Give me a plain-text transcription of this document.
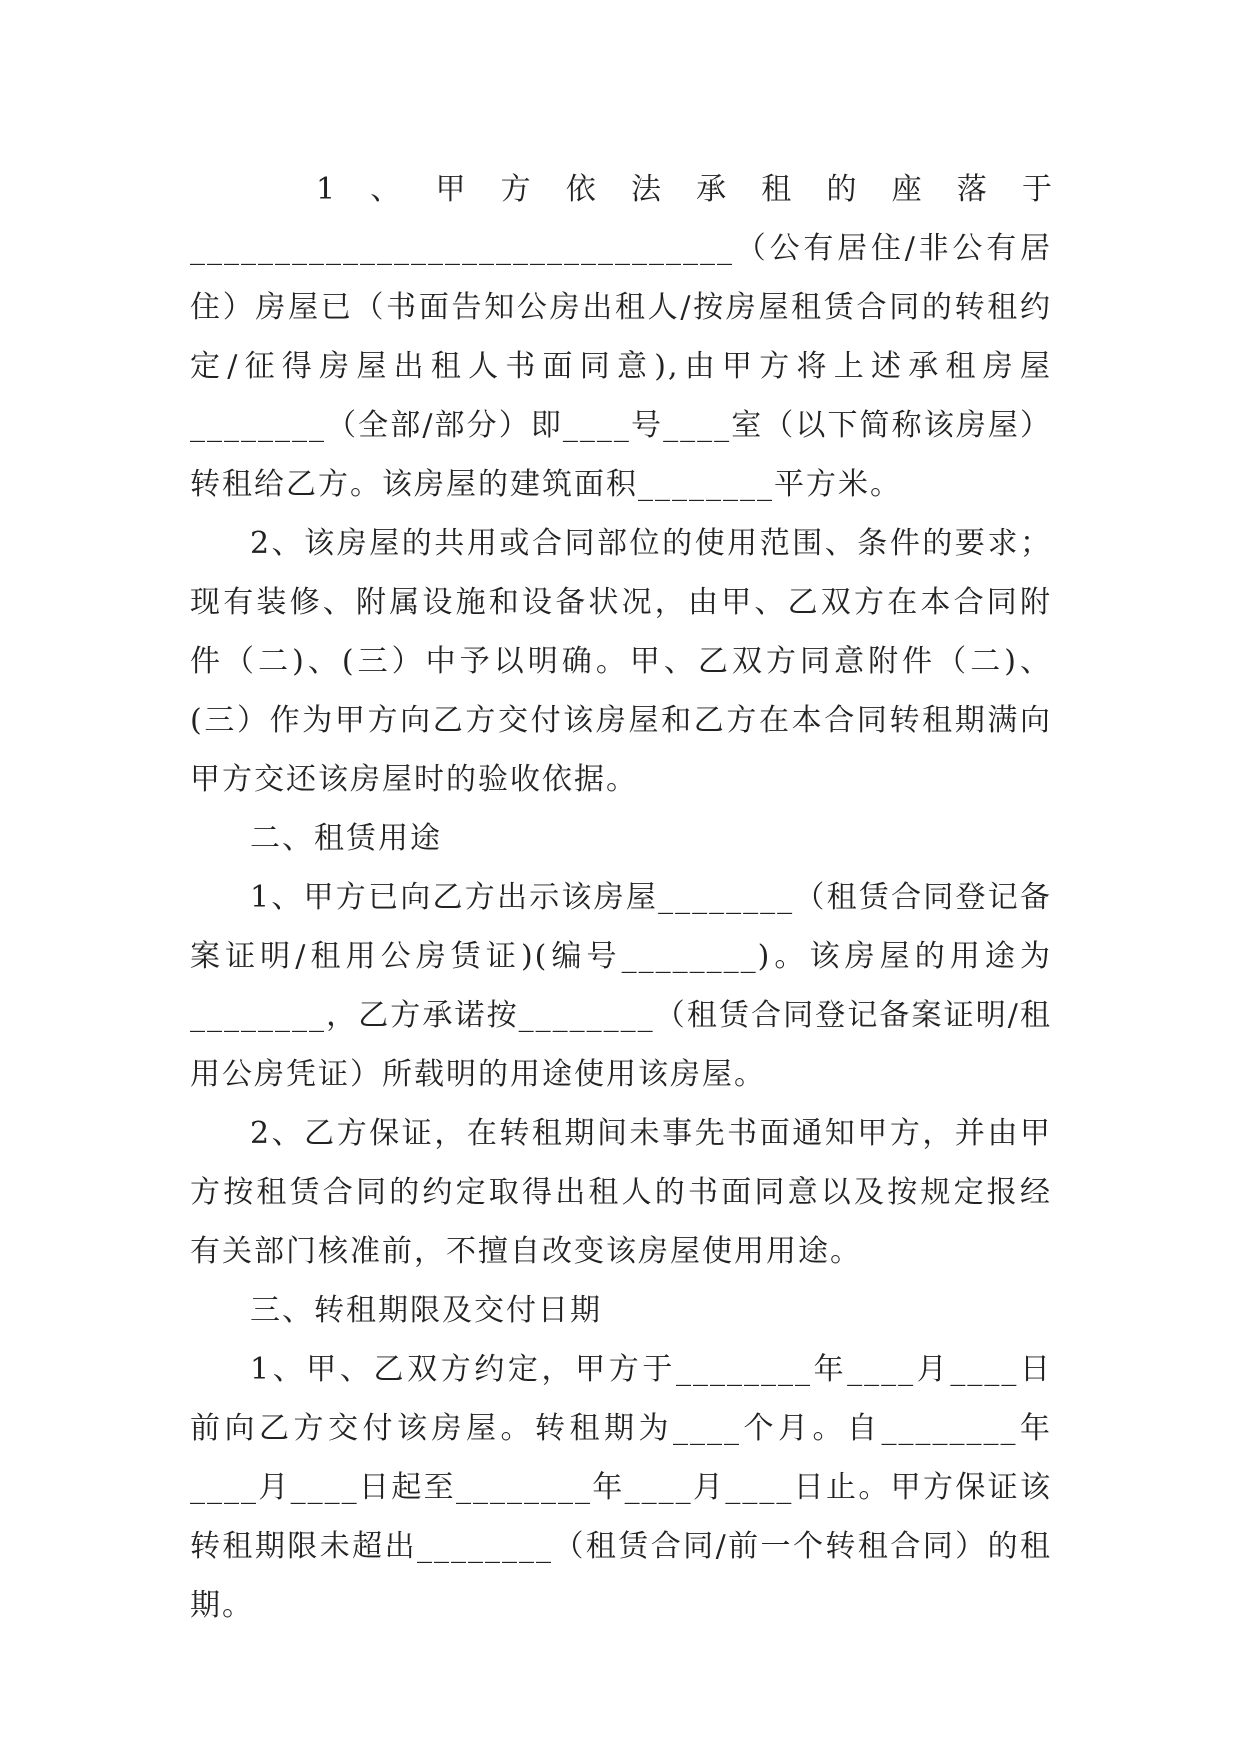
1 、 甲 方 依 法 承 租 的 座 落 于

________________________________（公有居住/非公有居住）房屋已（书面告知公房出租人/按房屋租赁合同的转租约定/征得房屋出租人书面同意),由甲方将上述承租房屋________（全部/部分）即____号____室（以下简称该房屋）转租给乙方。该房屋的建筑面积________平方米。

2、该房屋的共用或合同部位的使用范围、条件的要求；现有装修、附属设施和设备状况，由甲、乙双方在本合同附件（二)、(三）中予以明确。甲、乙双方同意附件（二)、(三）作为甲方向乙方交付该房屋和乙方在本合同转租期满向甲方交还该房屋时的验收依据。

二、租赁用途

1、甲方已向乙方出示该房屋________（租赁合同登记备案证明/租用公房赁证)(编号________)。该房屋的用途为________，乙方承诺按________（租赁合同登记备案证明/租用公房凭证）所载明的用途使用该房屋。

2、乙方保证，在转租期间未事先书面通知甲方，并由甲方按租赁合同的约定取得出租人的书面同意以及按规定报经有关部门核准前，不擅自改变该房屋使用用途。

三、转租期限及交付日期

1、甲、乙双方约定，甲方于________年____月____日前向乙方交付该房屋。转租期为____个月。自________年____月____日起至________年____月____日止。甲方保证该转租期限未超出________（租赁合同/前一个转租合同）的租期。
